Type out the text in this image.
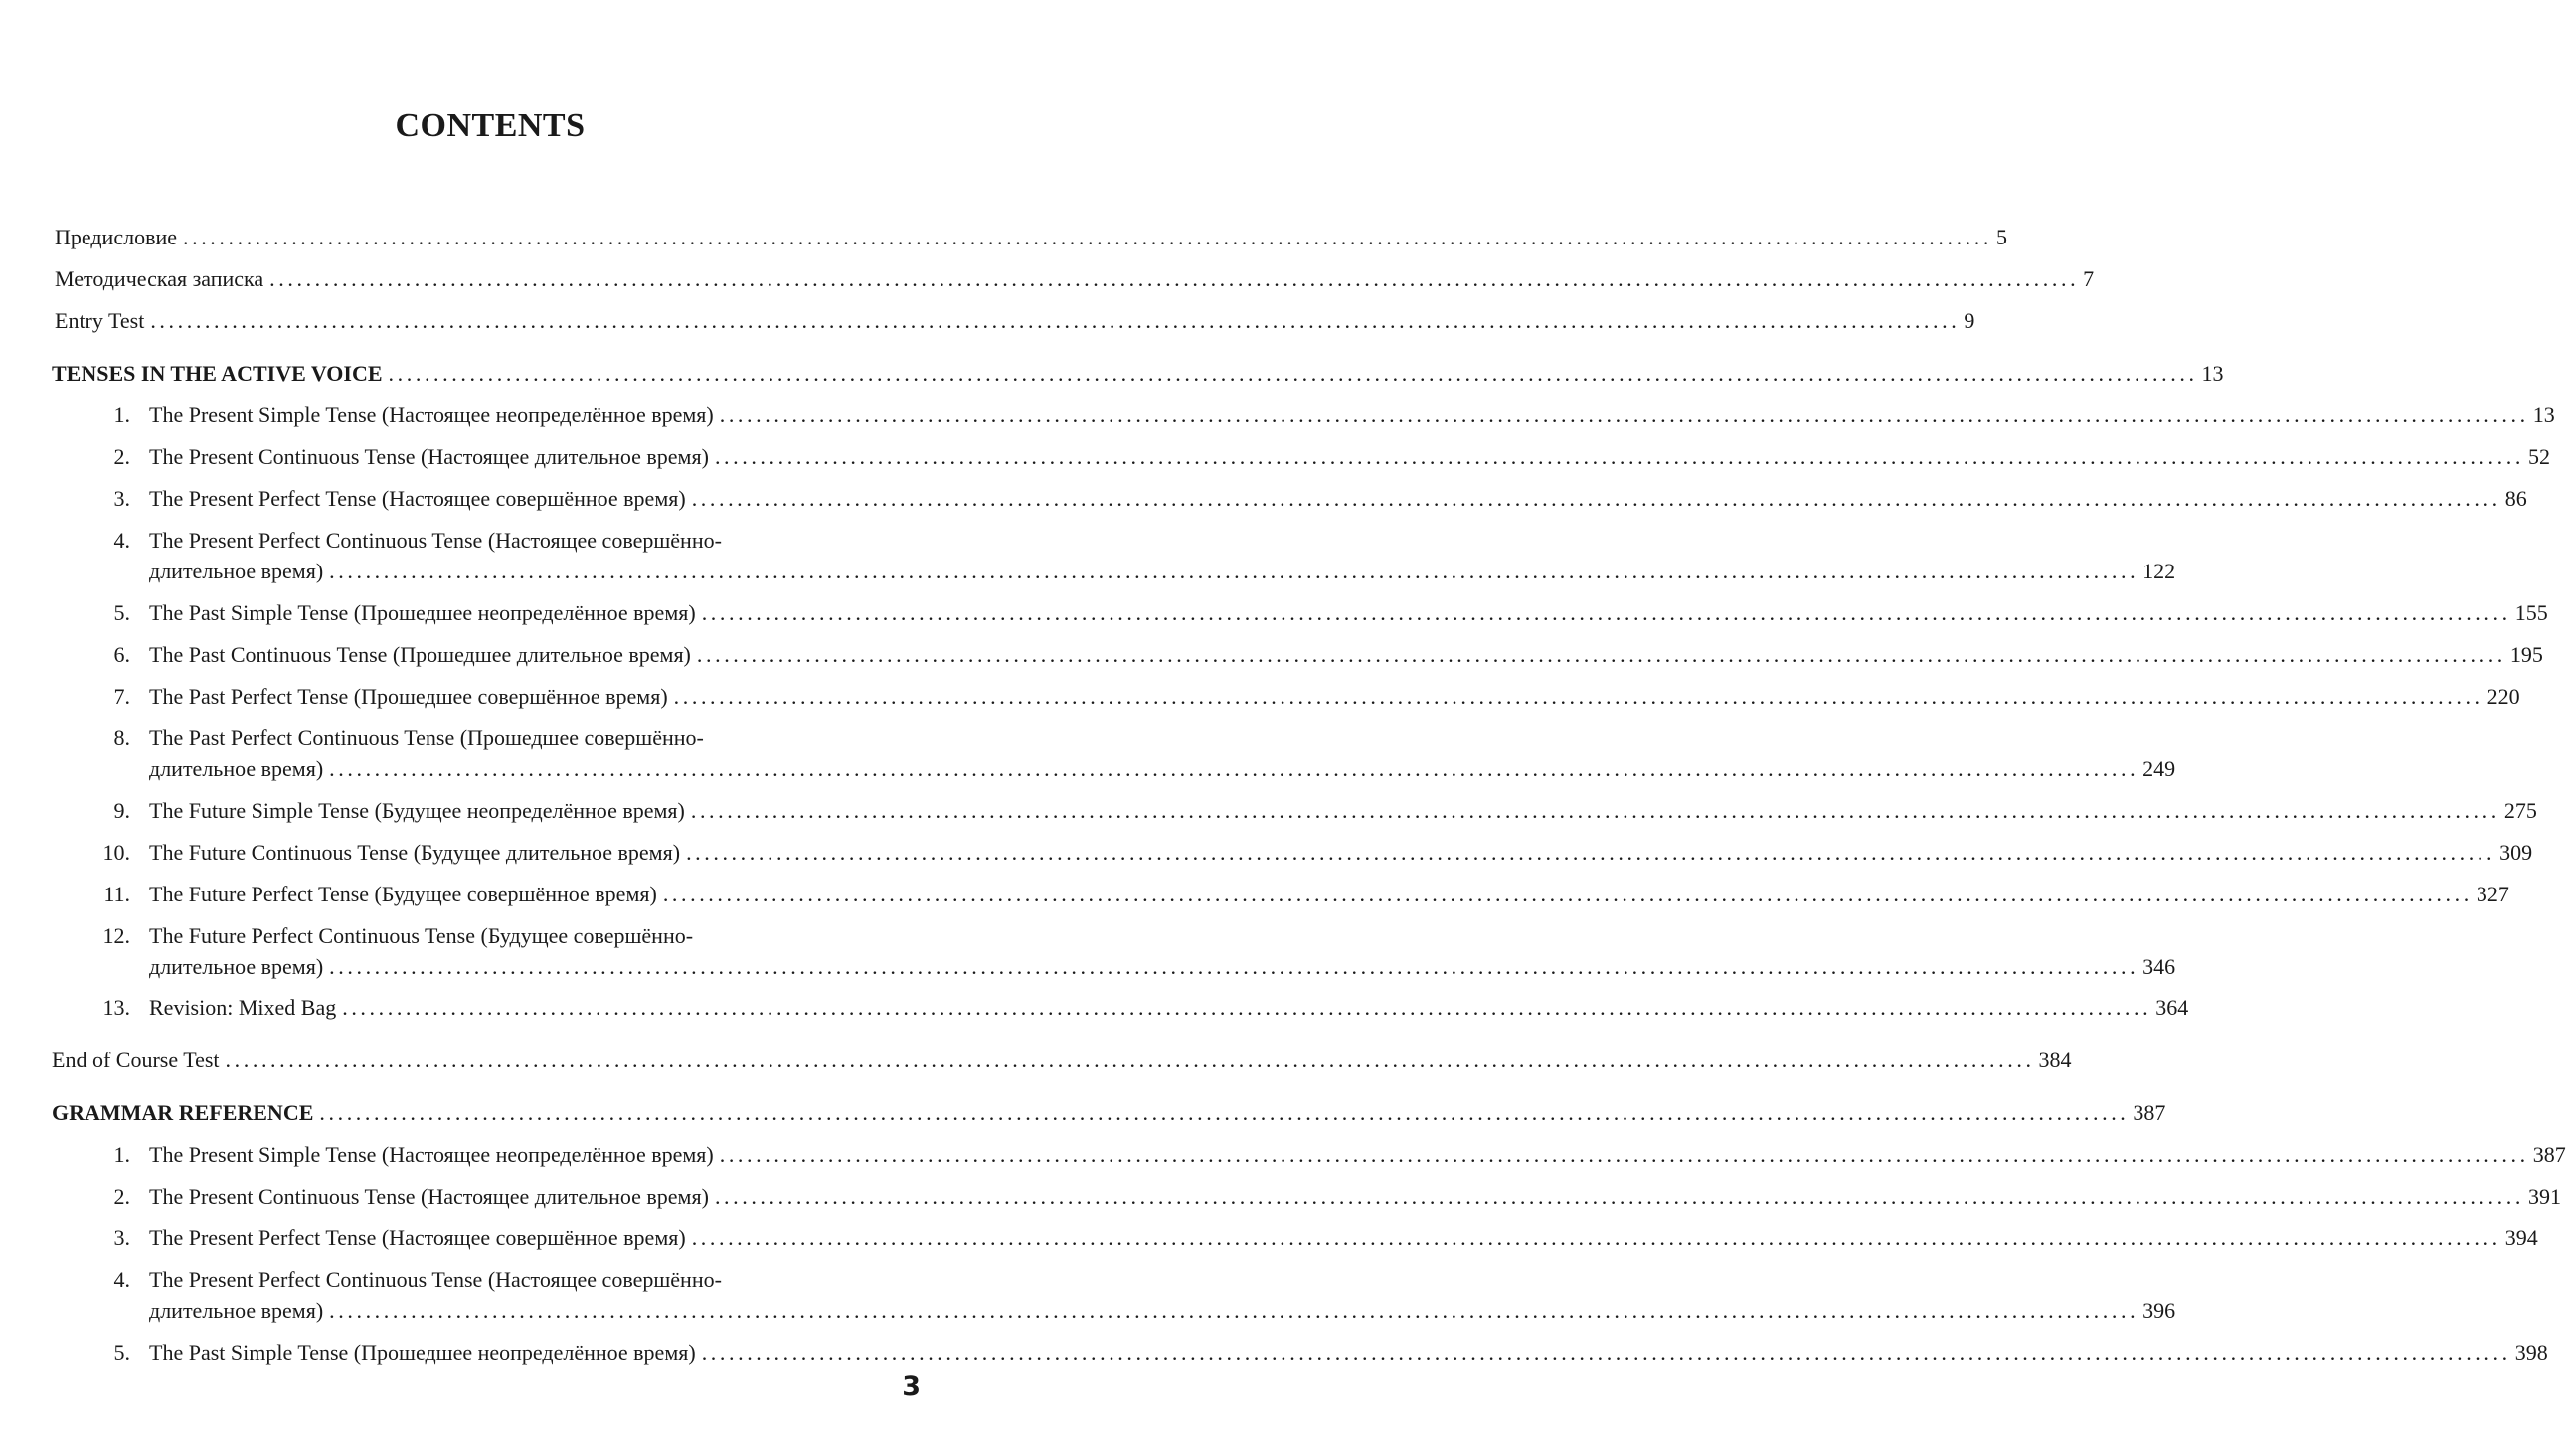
CONTENTS
Предисловие ........................................................................................................................................................................................................ 5
Методическая записка ........................................................................................................................................................................................................ 7
Entry Test ........................................................................................................................................................................................................ 9
TENSES IN THE ACTIVE VOICE ........................................................................................................................................................................................................ 13
1. The Present Simple Tense (Настоящее неопределённое время) ........................................................................................................................................................................................................ 13
2. The Present Continuous Tense (Настоящее длительное время) ........................................................................................................................................................................................................ 52
3. The Present Perfect Tense (Настоящее совершённое время) ........................................................................................................................................................................................................ 86
4. The Present Perfect Continuous Tense (Настоящее совершённо-
длительное время) ........................................................................................................................................................................................................ 122
5. The Past Simple Tense (Прошедшее неопределённое время) ........................................................................................................................................................................................................ 155
6. The Past Continuous Tense (Прошедшее длительное время) ........................................................................................................................................................................................................ 195
7. The Past Perfect Tense (Прошедшее совершённое время) ........................................................................................................................................................................................................ 220
8. The Past Perfect Continuous Tense (Прошедшее совершённо-
длительное время) ........................................................................................................................................................................................................ 249
9. The Future Simple Tense (Будущее неопределённое время) ........................................................................................................................................................................................................ 275
10. The Future Continuous Tense (Будущее длительное время) ........................................................................................................................................................................................................ 309
11. The Future Perfect Tense (Будущее совершённое время) ........................................................................................................................................................................................................ 327
12. The Future Perfect Continuous Tense (Будущее совершённо-
длительное время) ........................................................................................................................................................................................................ 346
13. Revision: Mixed Bag ........................................................................................................................................................................................................ 364
End of Course Test ........................................................................................................................................................................................................ 384
GRAMMAR REFERENCE ........................................................................................................................................................................................................ 387
1. The Present Simple Tense (Настоящее неопределённое время) ........................................................................................................................................................................................................ 387
2. The Present Continuous Tense (Настоящее длительное время) ........................................................................................................................................................................................................ 391
3. The Present Perfect Tense (Настоящее совершённое время) ........................................................................................................................................................................................................ 394
4. The Present Perfect Continuous Tense (Настоящее совершённо-
длительное время) ........................................................................................................................................................................................................ 396
5. The Past Simple Tense (Прошедшее неопределённое время) ........................................................................................................................................................................................................ 398
3
